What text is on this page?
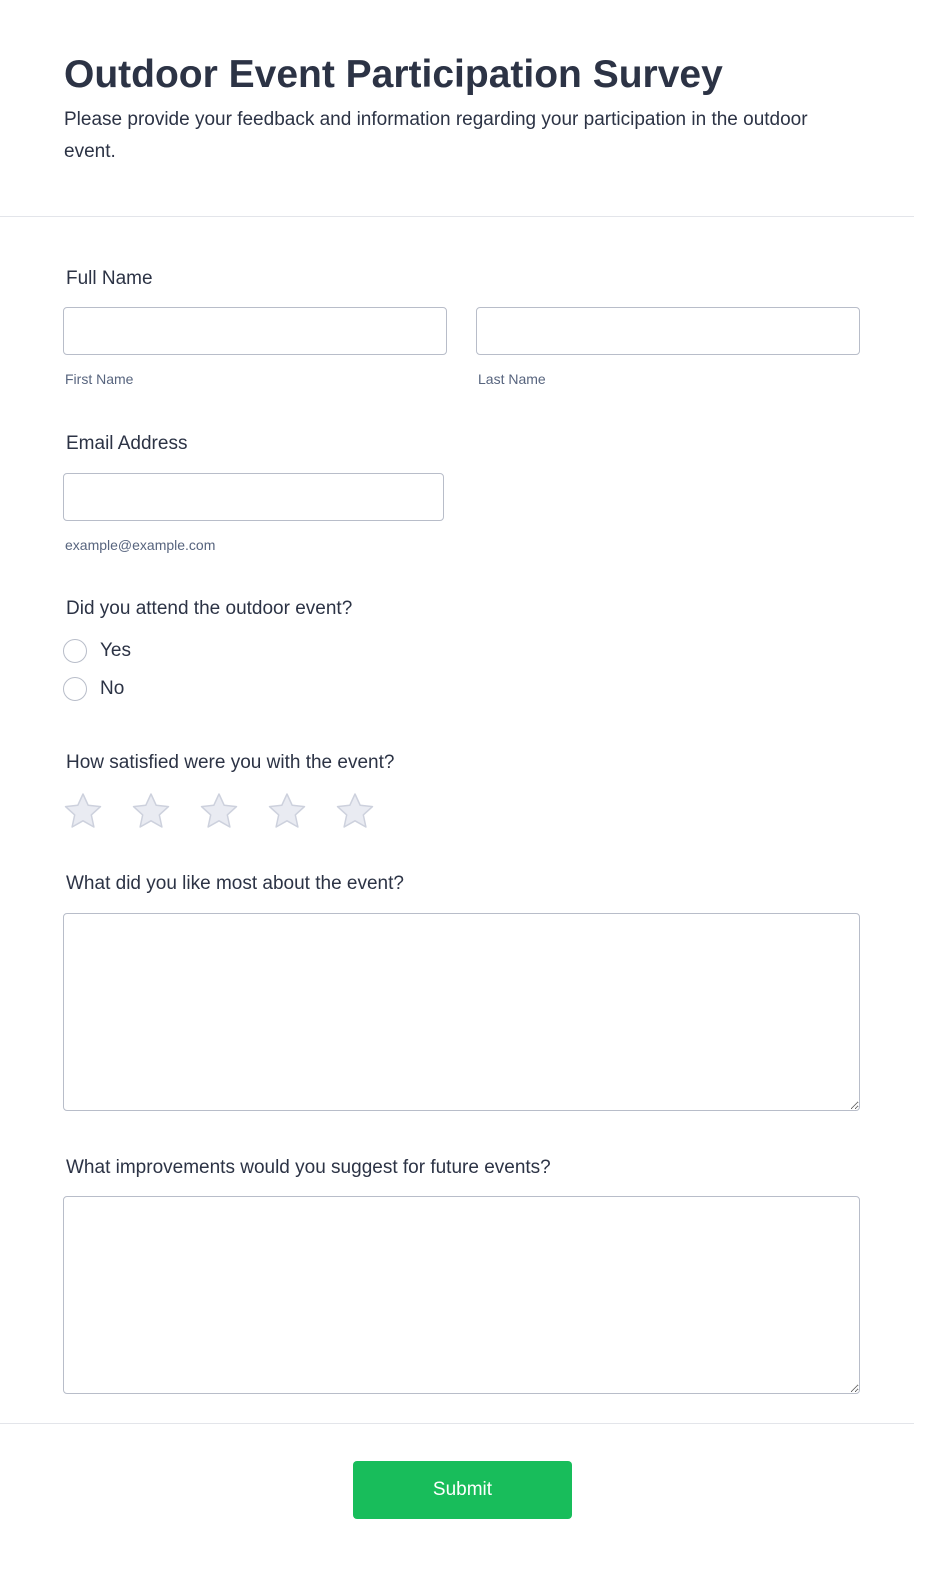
Outdoor Event Participation Survey

Please provide your feedback and information regarding your participation in the outdoor event.

Full Name
First Name	Last Name
Email Address
example@example.com
Did you attend the outdoor event?
Yes
No
How satisfied were you with the event?
What did you like most about the event?
What improvements would you suggest for future events?
Submit
